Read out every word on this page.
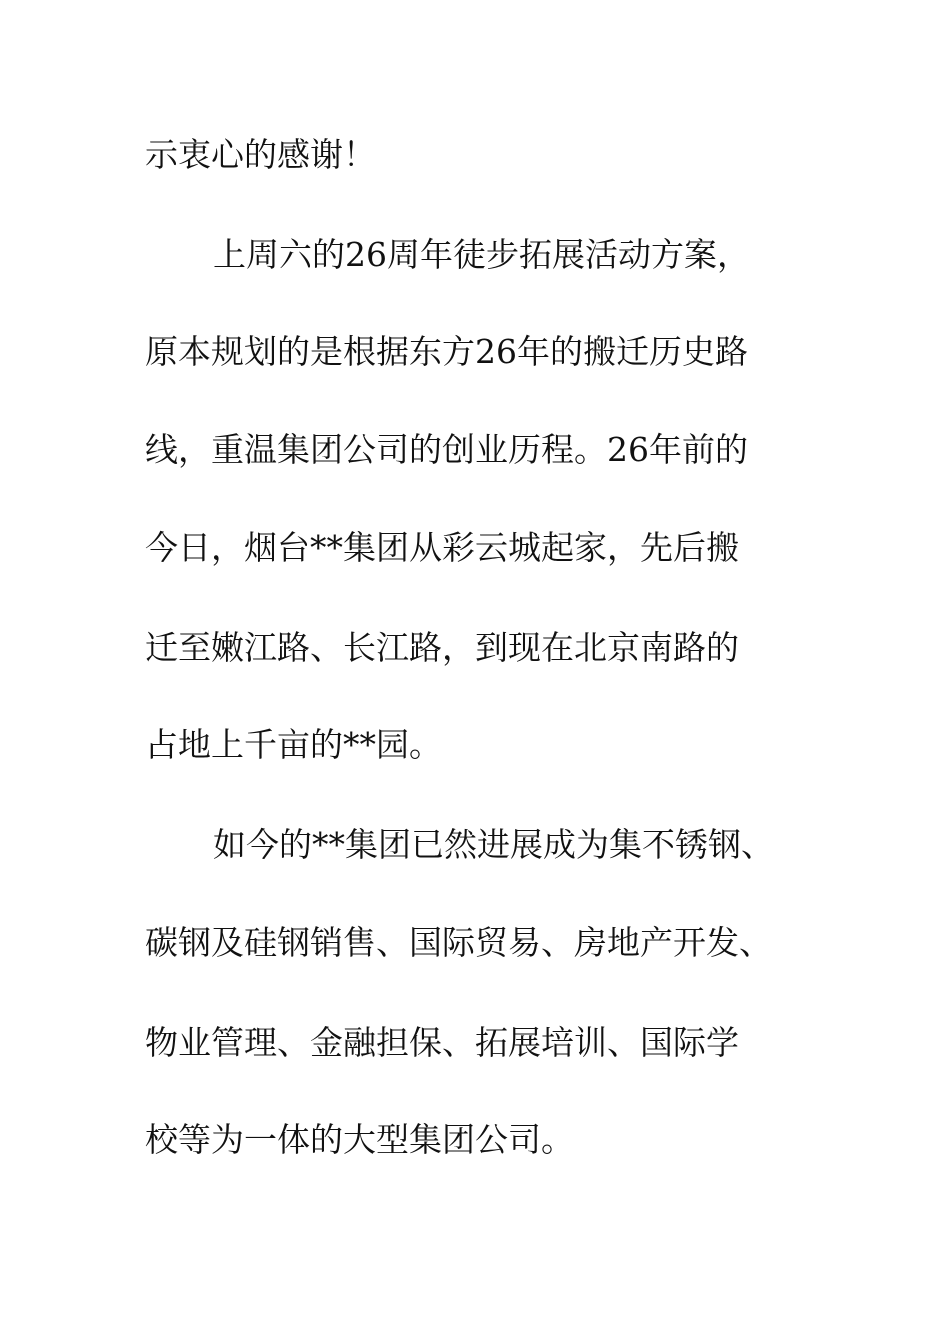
示衷心的感谢！
上周六的26周年徒步拓展活动方案，
原本规划的是根据东方26年的搬迁历史路
线，重温集团公司的创业历程。26年前的
今日，烟台**集团从彩云城起家，先后搬
迁至嫩江路、长江路，到现在北京南路的
占地上千亩的**园。
如今的**集团已然进展成为集不锈钢、
碳钢及硅钢销售、国际贸易、房地产开发、
物业管理、金融担保、拓展培训、国际学
校等为一体的大型集团公司。
